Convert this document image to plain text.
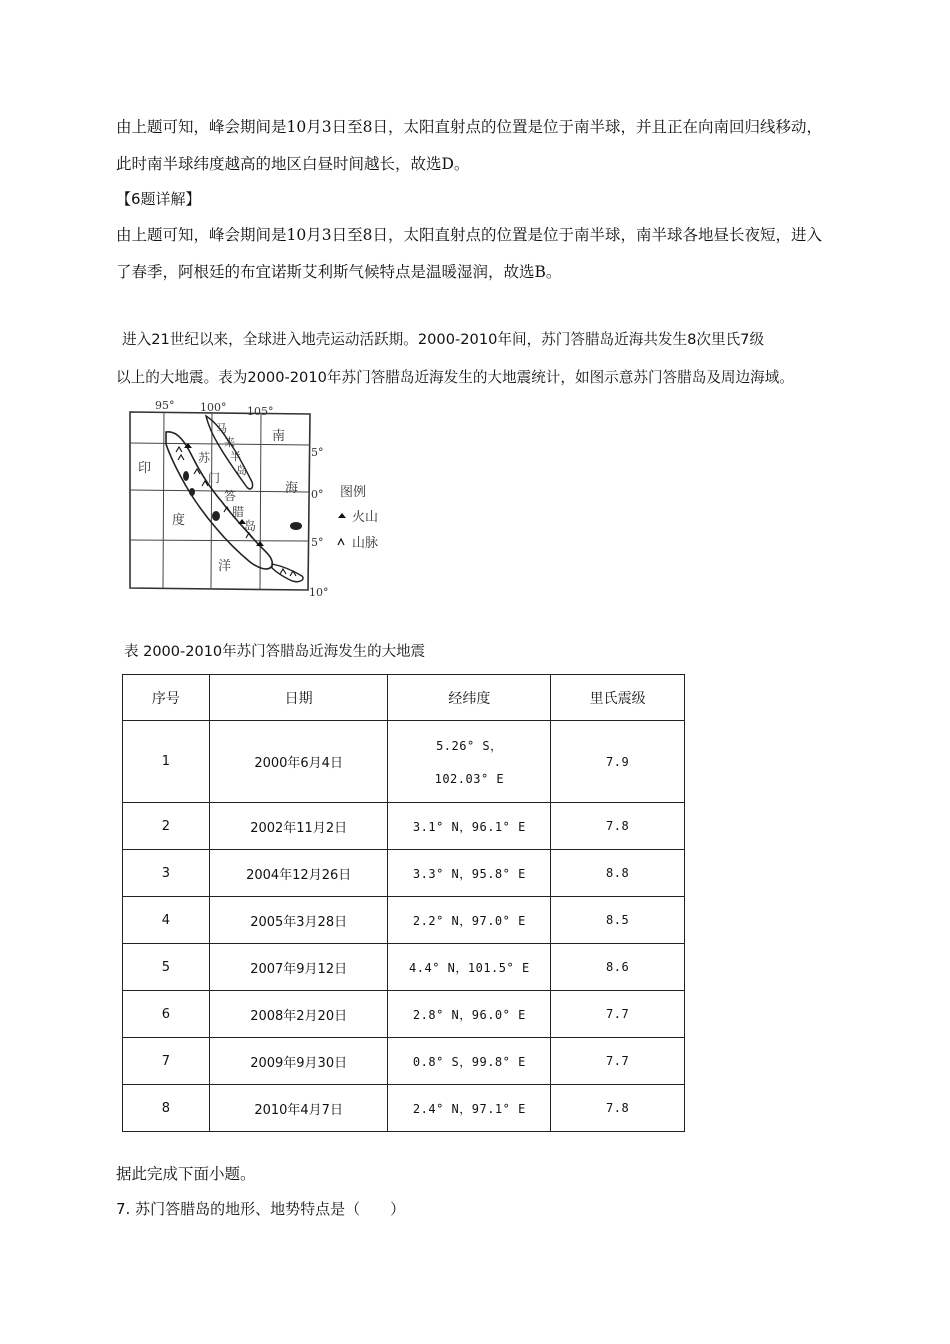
由上题可知，峰会期间是10月3日至8日，太阳直射点的位置是位于南半球，并且正在向南回归线移动，
此时南半球纬度越高的地区白昼时间越长，故选D。
【6题详解】
由上题可知，峰会期间是10月3日至8日，太阳直射点的位置是位于南半球，南半球各地昼长夜短，进入
了春季，阿根廷的布宜诺斯艾利斯气候特点是温暖湿润，故选B。
进入21世纪以来，全球进入地壳运动活跃期。2000-2010年间，苏门答腊岛近海共发生8次里氏7级
以上的大地震。表为2000-2010年苏门答腊岛近海发生的大地震统计，如图示意苏门答腊岛及周边海域。
95° 100° 105°
5°
0°
5°
10°
南
海
印
度
洋
苏
门
答
腊
岛
马
来
半
岛
图例
火山
山脉
表 2000-2010年苏门答腊岛近海发生的大地震
序号	日期	经纬度	里氏震级
1	2000年6月4日	5.26° S，
102.03° E	7.9
2	2002年11月2日	3.1° N，96.1° E	7.8
3	2004年12月26日	3.3° N，95.8° E	8.8
4	2005年3月28日	2.2° N，97.0° E	8.5
5	2007年9月12日	4.4° N，101.5° E	8.6
6	2008年2月20日	2.8° N，96.0° E	7.7
7	2009年9月30日	0.8° S，99.8° E	7.7
8	2010年4月7日	2.4° N，97.1° E	7.8
据此完成下面小题。
7. 苏门答腊岛的地形、地势特点是（　　）
